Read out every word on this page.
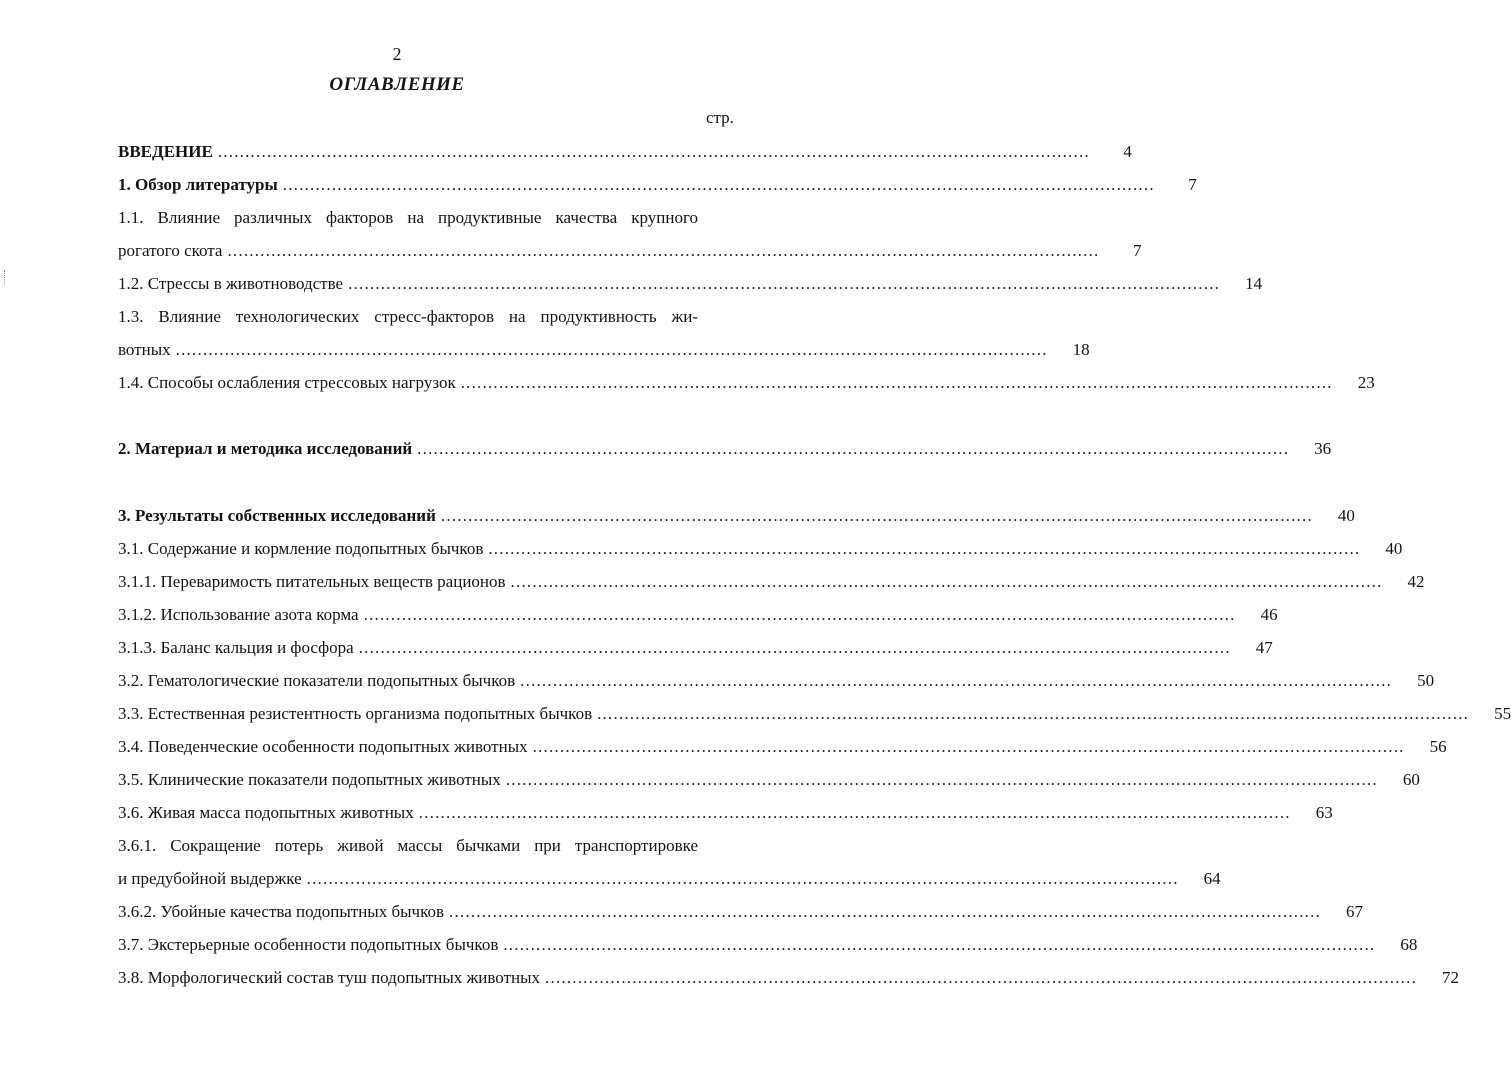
2
ОГЛАВЛЕНИЕ
стр.
ВВЕДЕНИЕ ................................................................................................................................................................	4
1. Обзор литературы ................................................................................................................................................................	7
1.1. Влияние различных факторов на продуктивные качества крупного
рогатого скота ................................................................................................................................................................	7
1.2. Стрессы в животноводстве ................................................................................................................................................................	14
1.3. Влияние технологических стресс-факторов на продуктивность жи-
вотных ................................................................................................................................................................	18
1.4. Способы ослабления стрессовых нагрузок ................................................................................................................................................................	23
2. Материал и методика исследований ................................................................................................................................................................	36
3. Результаты собственных исследований ................................................................................................................................................................	40
3.1. Содержание и кормление подопытных бычков ................................................................................................................................................................	40
3.1.1. Переваримость питательных веществ рационов ................................................................................................................................................................	42
3.1.2. Использование азота корма ................................................................................................................................................................	46
3.1.3. Баланс кальция и фосфора ................................................................................................................................................................	47
3.2. Гематологические показатели подопытных бычков ................................................................................................................................................................	50
3.3. Естественная резистентность организма подопытных бычков ................................................................................................................................................................	55
3.4. Поведенческие особенности подопытных животных ................................................................................................................................................................	56
3.5. Клинические показатели подопытных животных ................................................................................................................................................................	60
3.6. Живая масса подопытных животных ................................................................................................................................................................	63
3.6.1. Сокращение потерь живой массы бычками при транспортировке
и предубойной выдержке ................................................................................................................................................................	64
3.6.2. Убойные качества подопытных бычков ................................................................................................................................................................	67
3.7. Экстерьерные особенности подопытных бычков ................................................................................................................................................................	68
3.8. Морфологический состав туш подопытных животных ................................................................................................................................................................	72
